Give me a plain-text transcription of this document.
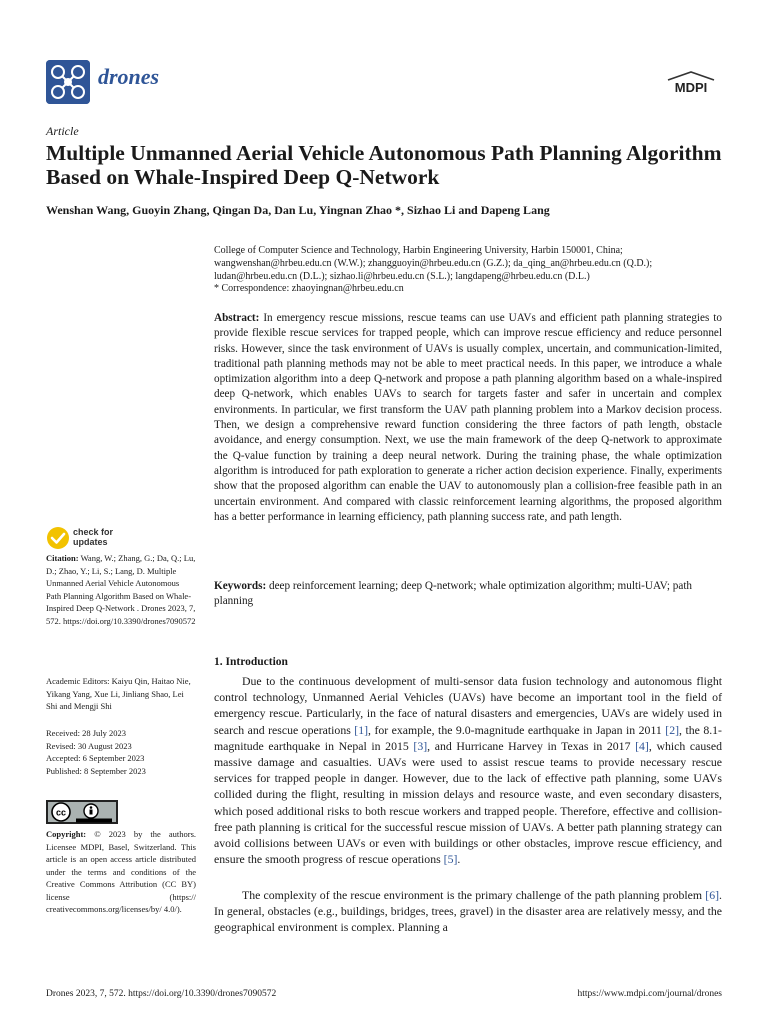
drones	MDPI
Article
Multiple Unmanned Aerial Vehicle Autonomous Path Planning Algorithm Based on Whale-Inspired Deep Q-Network
Wenshan Wang, Guoyin Zhang, Qingan Da, Dan Lu, Yingnan Zhao *, Sizhao Li and Dapeng Lang
College of Computer Science and Technology, Harbin Engineering University, Harbin 150001, China; wangwenshan@hrbeu.edu.cn (W.W.); zhangguoyin@hrbeu.edu.cn (G.Z.); da_qing_an@hrbeu.edu.cn (Q.D.); ludan@hrbeu.edu.cn (D.L.); sizhao.li@hrbeu.edu.cn (S.L.); langdapeng@hrbeu.edu.cn (D.L.)
* Correspondence: zhaoyingnan@hrbeu.edu.cn
Abstract: In emergency rescue missions, rescue teams can use UAVs and efficient path planning strategies to provide flexible rescue services for trapped people, which can improve rescue efficiency and reduce personnel risks. However, since the task environment of UAVs is usually complex, uncertain, and communication-limited, traditional path planning methods may not be able to meet practical needs. In this paper, we introduce a whale optimization algorithm into a deep Q-network and propose a path planning algorithm based on a whale-inspired deep Q-network, which enables UAVs to search for targets faster and safer in uncertain and complex environments. In particular, we first transform the UAV path planning problem into a Markov decision process. Then, we design a comprehensive reward function considering the three factors of path length, obstacle avoidance, and energy consumption. Next, we use the main framework of the deep Q-network to approximate the Q-value function by training a deep neural network. During the training phase, the whale optimization algorithm is introduced for path exploration to generate a richer action decision experience. Finally, experiments show that the proposed algorithm can enable the UAV to autonomously plan a collision-free feasible path in an uncertain environment. And compared with classic reinforcement learning algorithms, the proposed algorithm has a better performance in learning efficiency, path planning success rate, and path length.
Keywords: deep reinforcement learning; deep Q-network; whale optimization algorithm; multi-UAV; path planning
check for updates
Citation: Wang, W.; Zhang, G.; Da, Q.; Lu, D.; Zhao, Y.; Li, S.; Lang, D. Multiple Unmanned Aerial Vehicle Autonomous Path Planning Algorithm Based on Whale-Inspired Deep Q-Network . Drones 2023, 7, 572. https://doi.org/10.3390/drones7090572
Academic Editors: Kaiyu Qin, Haitao Nie, Yikang Yang, Xue Li, Jinliang Shao, Lei Shi and Mengji Shi
Received: 28 July 2023
Revised: 30 August 2023
Accepted: 6 September 2023
Published: 8 September 2023
cc
Copyright: © 2023 by the authors. Licensee MDPI, Basel, Switzerland. This article is an open access article distributed under the terms and conditions of the Creative Commons Attribution (CC BY) license (https:// creativecommons.org/licenses/by/ 4.0/).
1. Introduction
Due to the continuous development of multi-sensor data fusion technology and autonomous flight control technology, Unmanned Aerial Vehicles (UAVs) have become an important tool in the field of emergency rescue. Particularly, in the face of natural disasters and emergencies, UAVs are widely used in search and rescue operations [1], for example, the 9.0-magnitude earthquake in Japan in 2011 [2], the 8.1-magnitude earthquake in Nepal in 2015 [3], and Hurricane Harvey in Texas in 2017 [4], which caused massive damage and casualties. UAVs were used to assist rescue teams to provide necessary rescue services for trapped people in danger. However, due to the lack of effective path planning, some UAVs collided during the flight, resulting in mission delays and resource waste, and even secondary disasters, which posed additional risks to both rescue workers and trapped people. Therefore, effective and collision-free path planning is critical for the successful rescue mission of UAVs. A better path planning strategy can avoid collisions between UAVs or even with buildings or other obstacles, improve rescue efficiency, and ensure the smooth progress of rescue operations [5].
The complexity of the rescue environment is the primary challenge of the path planning problem [6]. In general, obstacles (e.g., buildings, bridges, trees, gravel) in the disaster area are relatively messy, and the geographical environment is complex. Planning a
Drones 2023, 7, 572. https://doi.org/10.3390/drones7090572	https://www.mdpi.com/journal/drones
